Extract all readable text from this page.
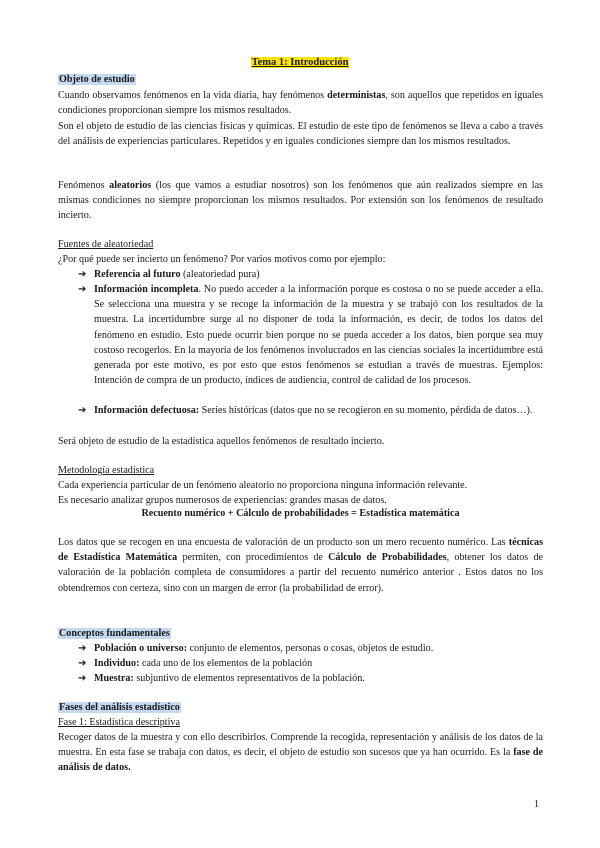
Tema 1: Introducción
Objeto de estudio
Cuando observamos fenómenos en la vida diaria, hay fenómenos deterministas, son aquellos que repetidos en iguales condiciones proporcionan siempre los mismos resultados.
Son el objeto de estudio de las ciencias físicas y químicas. El estudio de este tipo de fenómenos se lleva a cabo a través del análisis de experiencias particulares. Repetidos y en iguales condiciones siempre dan los mismos resultados.
Fenómenos aleatorios (los que vamos a estudiar nosotros) son los fenómenos que aún realizados siempre en las mismas condiciones no siempre proporcionan los mismos resultados. Por extensión son los fenómenos de resultado incierto.
Fuentes de aleatoriedad
¿Por qué puede ser incierto un fenómeno? Por varios motivos como por ejemplo:
➔ Referencia al futuro (aleatoriedad pura)
➔ Información incompleta. No puedo acceder a la información porque es costosa o no se puede acceder a ella. Se selecciona una muestra y se recoge la información de la muestra y se trabajó con los resultados de la muestra. La incertidumbre surge al no disponer de toda la información, es decir, de todos los datos del fenómeno en estudio. Esto puede ocurrir bien porque no se pueda acceder a los datos, bien porque sea muy costoso recogerlos. En la mayoría de los fenómenos involucrados en las ciencias sociales la incertidumbre está generada por este motivo, es por esto que estos fenómenos se estudian a través de muestras. Ejemplos: Intención de compra de un producto, índices de audiencia, control de calidad de los procesos.
➔ Información defectuosa: Series históricas (datos que no se recogieron en su momento, pérdida de datos…).
Será objeto de estudio de la estadística aquellos fenómenos de resultado incierto.
Metodología estadística
Cada experiencia particular de un fenómeno aleatorio no proporciona ninguna información relevante.
Es necesario analizar grupos numerosos de experiencias: grandes masas de datos.
Recuento numérico + Cálculo de probabilidades = Estadística matemática
Los datos que se recogen en una encuesta de valoración de un producto son un mero recuento numérico. Las técnicas de Estadística Matemática permiten, con procedimientos de Cálculo de Probabilidades, obtener los datos de valoración de la población completa de consumidores a partir del recuento numérico anterior . Estos datos no los obtendremos con certeza, sino con un margen de error (la probabilidad de error).
Conceptos fundamentales
➔ Población o universo: conjunto de elementos, personas o cosas, objetos de estudio.
➔ Individuo: cada uno de los elementos de la población
➔ Muestra: subjuntivo de elementos representativos de la población.
Fases del análisis estadístico
Fase 1: Estadística descriptiva
Recoger datos de la muestra y con ello describirlos. Comprende la recogida, representación y análisis de los datos de la muestra. En esta fase se trabaja con datos, es decir, el objeto de estudio son sucesos que ya han ocurrido. Es la fase de análisis de datos.
1
